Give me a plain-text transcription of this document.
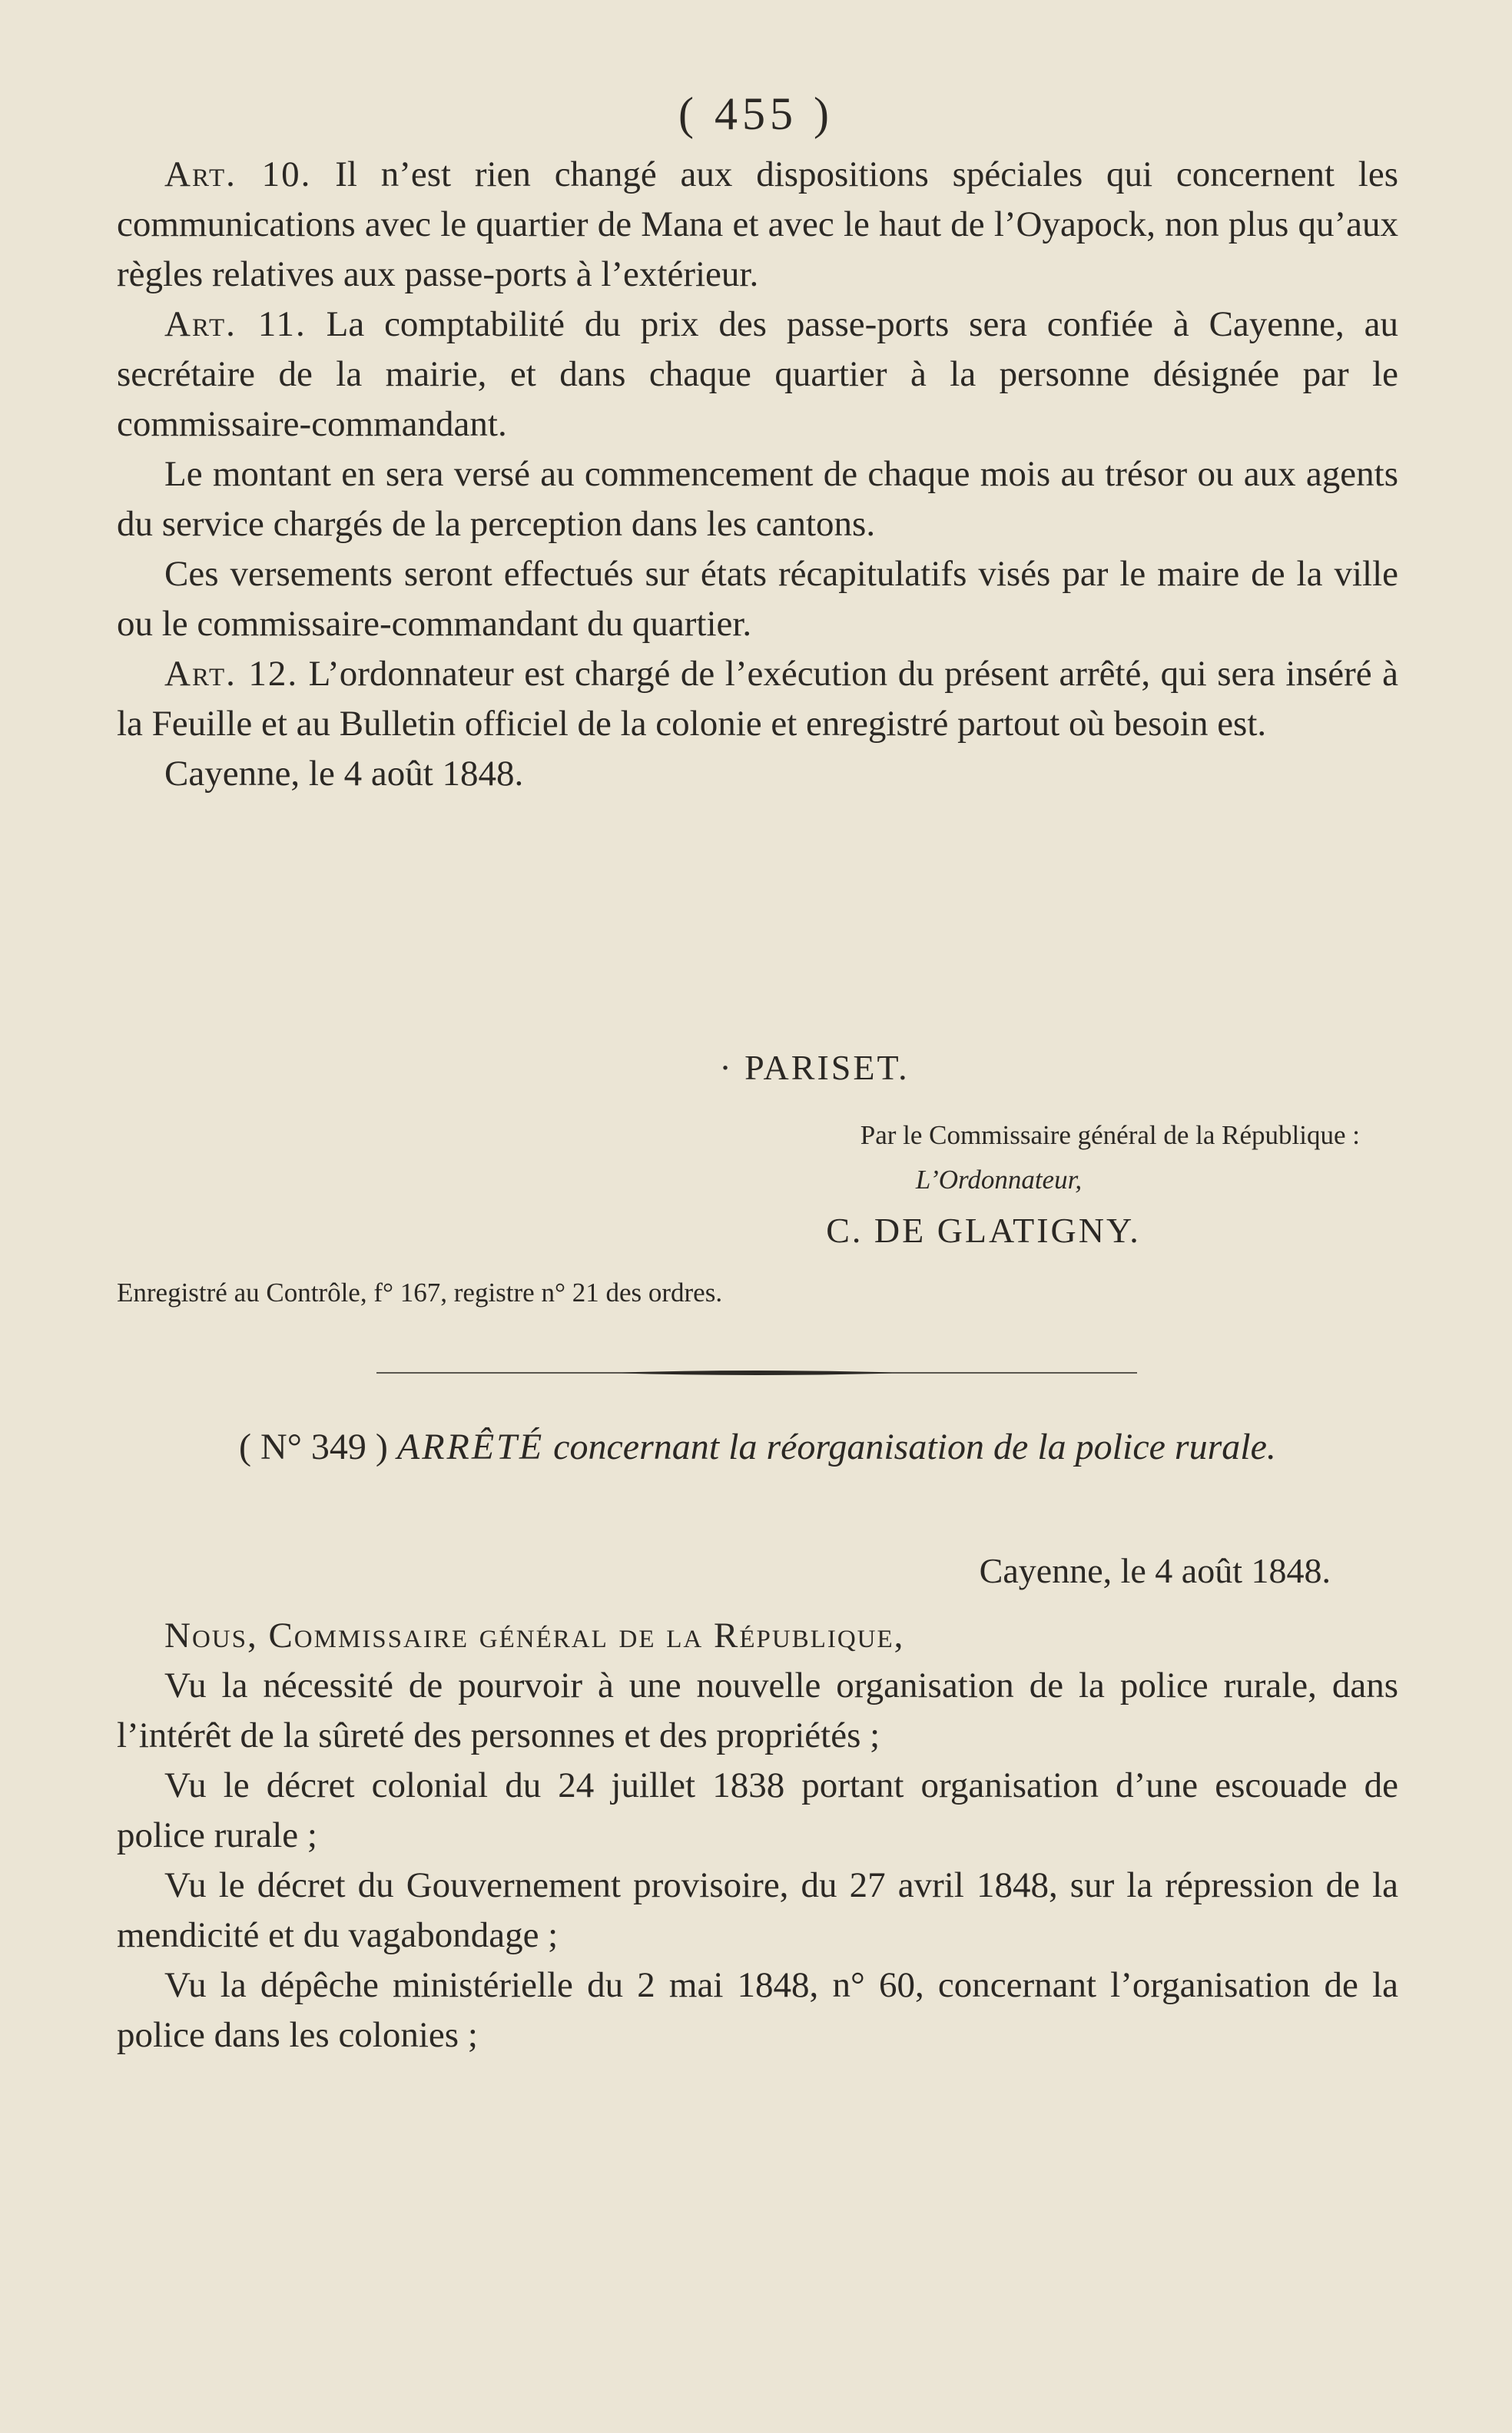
( 455 )

Art. 10. Il n’est rien changé aux dispositions spéciales qui concernent les communications avec le quartier de Mana et avec le haut de l’Oyapock, non plus qu’aux règles relatives aux passe-ports à l’extérieur.

Art. 11. La comptabilité du prix des passe-ports sera confiée à Cayenne, au secrétaire de la mairie, et dans chaque quartier à la personne désignée par le commissaire-commandant.

Le montant en sera versé au commencement de chaque mois au trésor ou aux agents du service chargés de la perception dans les cantons.

Ces versements seront effectués sur états récapitulatifs visés par le maire de la ville ou le commissaire-commandant du quartier.

Art. 12. L’ordonnateur est chargé de l’exécution du présent arrêté, qui sera inséré à la Feuille et au Bulletin officiel de la colonie et enregistré partout où besoin est.

Cayenne, le 4 août 1848.

· PARISET.
Par le Commissaire général de la République :
L’Ordonnateur,
C. DE GLATIGNY.
Enregistré au Contrôle, f° 167, registre n° 21 des ordres.
( N° 349 ) ARRÊTÉ concernant la réorganisation de la police rurale.
Cayenne, le 4 août 1848.

Nous, Commissaire général de la République,

Vu la nécessité de pourvoir à une nouvelle organisation de la police rurale, dans l’intérêt de la sûreté des personnes et des propriétés ;

Vu le décret colonial du 24 juillet 1838 portant organisation d’une escouade de police rurale ;

Vu le décret du Gouvernement provisoire, du 27 avril 1848, sur la répression de la mendicité et du vagabondage ;

Vu la dépêche ministérielle du 2 mai 1848, n° 60, concernant l’organisation de la police dans les colonies ;
